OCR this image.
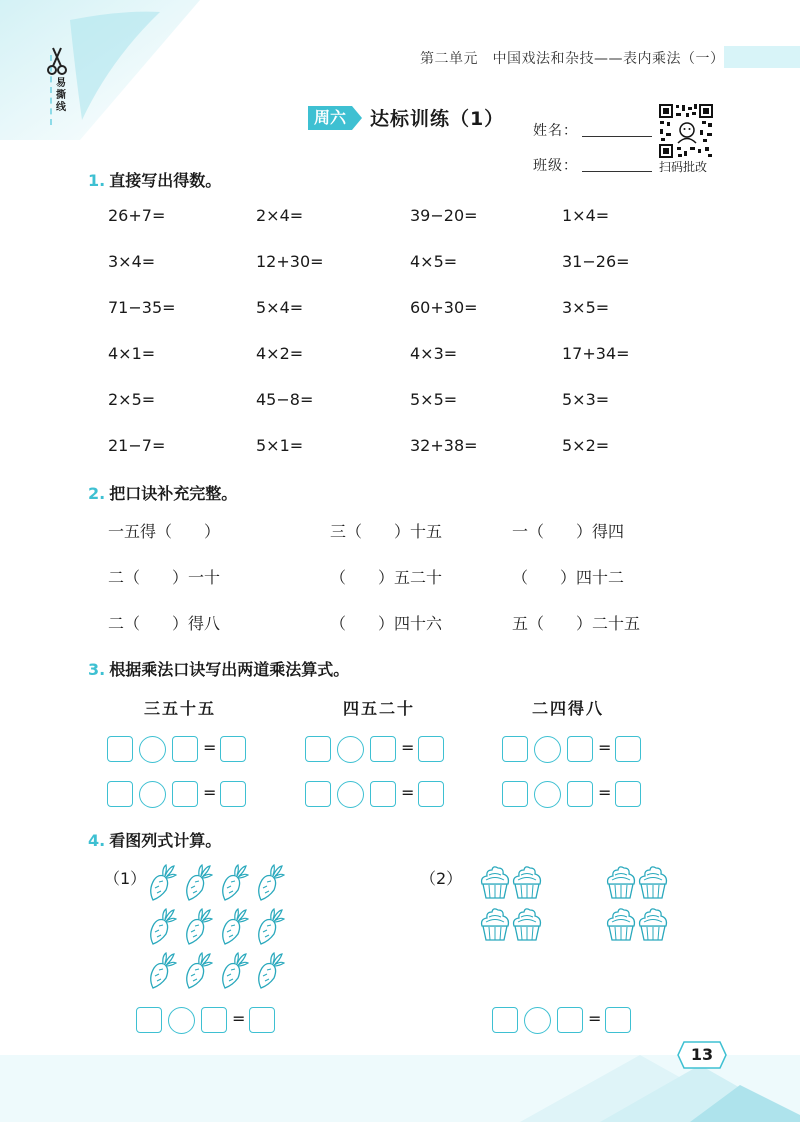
易撕线
第二单元　中国戏法和杂技——表内乘法（一）
周六	达标训练（1）
姓名：
班级：	扫码批改
1. 直接写出得数。
26+7=	2×4=	39−20=	1×4=
3×4=	12+30=	4×5=	31−26=
71−35=	5×4=	60+30=	3×5=
4×1=	4×2=	4×3=	17+34=
2×5=	45−8=	5×5=	5×3=
21−7=	5×1=	32+38=	5×2=
2. 把口诀补充完整。
一五得（　　）	三（　　）十五	一（　　）得四
二（　　）一十	（　　）五二十	（　　）四十二
二（　　）得八	（　　）四十六	五（　　）二十五
3. 根据乘法口诀写出两道乘法算式。
三五十五	四五二十	二四得八
=	=	=
=	=	=
4. 看图列式计算。
（1）	（2）
=	=
13
